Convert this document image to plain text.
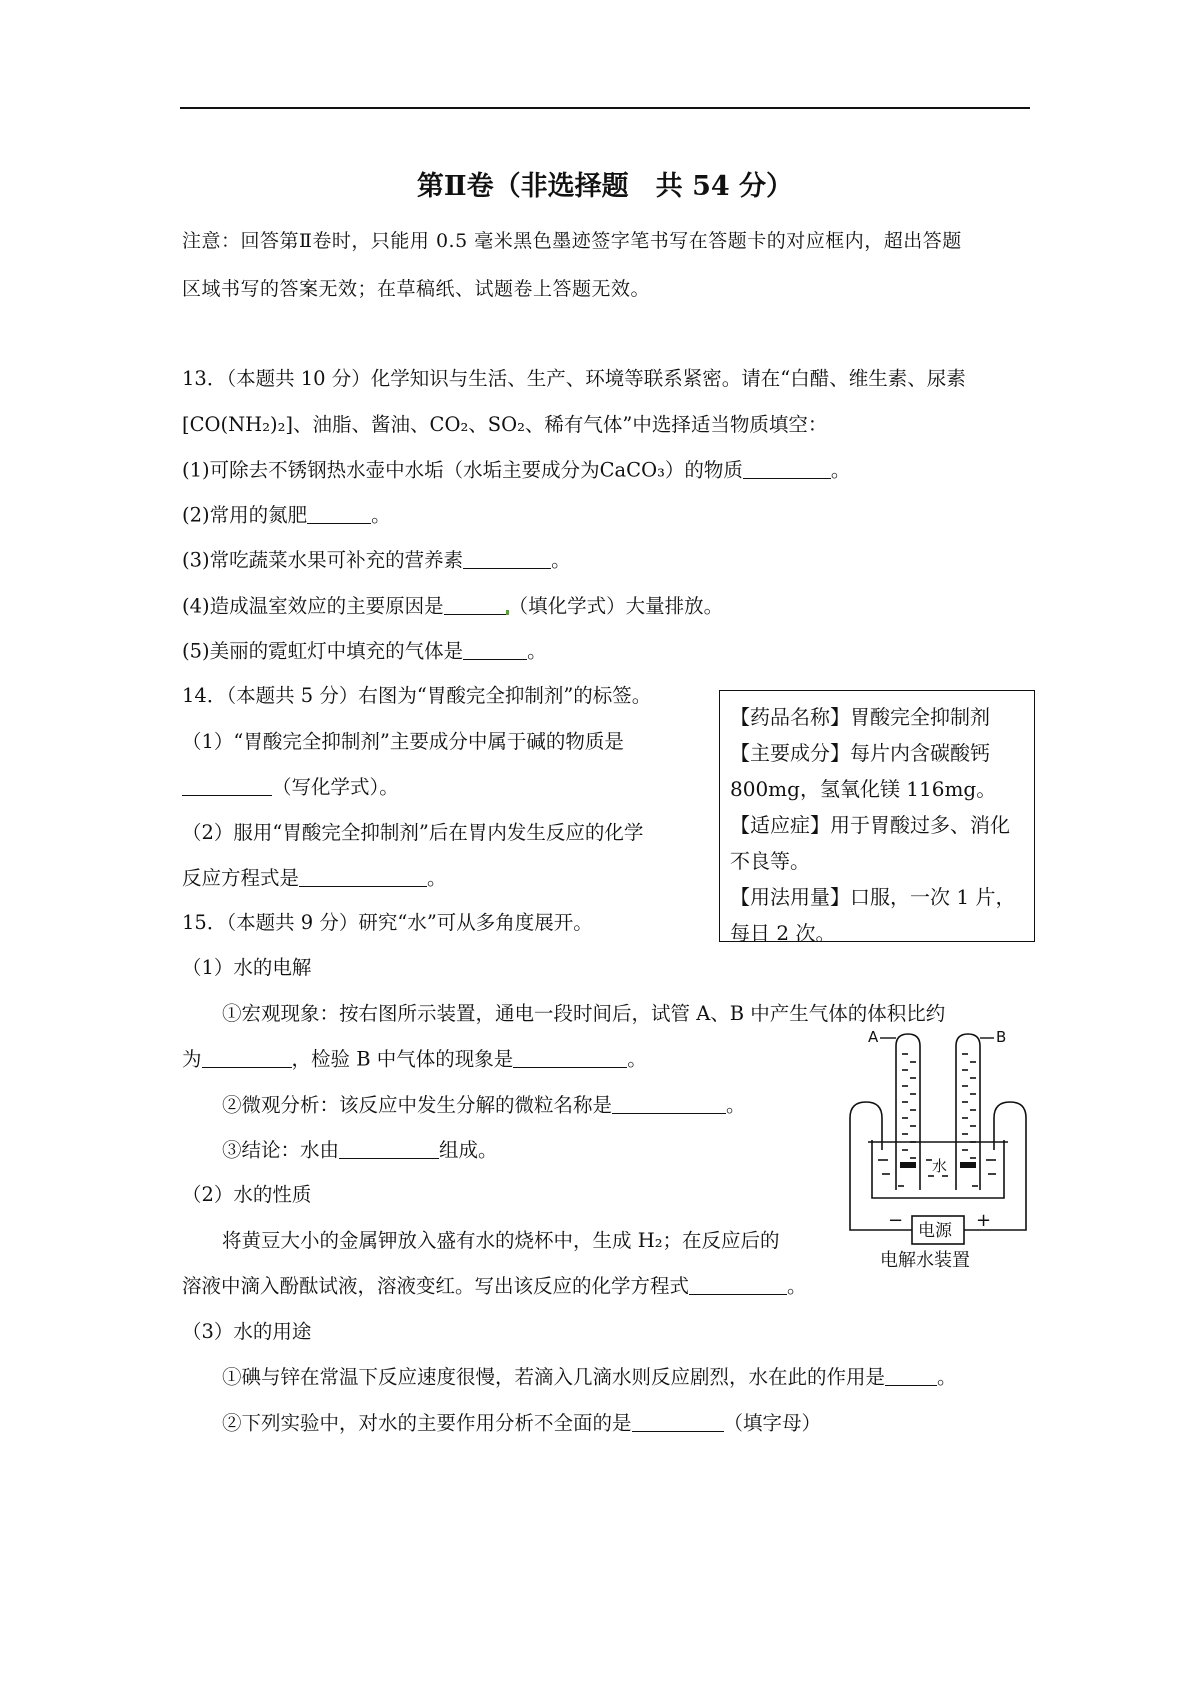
第Ⅱ卷（非选择题　共 54 分）
注意：回答第Ⅱ卷时，只能用 0.5 毫米黑色墨迹签字笔书写在答题卡的对应框内，超出答题
区域书写的答案无效；在草稿纸、试题卷上答题无效。
13．（本题共 10 分）化学知识与生活、生产、环境等联系紧密。请在“白醋、维生素、尿素
[CO(NH₂)₂]、油脂、酱油、CO₂、SO₂、稀有气体”中选择适当物质填空：
(1)可除去不锈钢热水壶中水垢（水垢主要成分为CaCO₃）的物质	。
(2)常用的氮肥	。
(3)常吃蔬菜水果可补充的营养素	。
(4)造成温室效应的主要原因是	（填化学式）大量排放。
(5)美丽的霓虹灯中填充的气体是	。
14．（本题共 5 分）右图为“胃酸完全抑制剂”的标签。
（1）“胃酸完全抑制剂”主要成分中属于碱的物质是
（写化学式）。
（2）服用“胃酸完全抑制剂”后在胃内发生反应的化学
反应方程式是	。
【药品名称】胃酸完全抑制剂
【主要成分】每片内含碳酸钙
800mg，氢氧化镁 116mg。
【适应症】用于胃酸过多、消化
不良等。
【用法用量】口服，一次 1 片，
每日 2 次。
15．（本题共 9 分）研究“水”可从多角度展开。
（1）水的电解
①宏观现象：按右图所示装置，通电一段时间后，试管 A、B 中产生气体的体积比约
为	，检验 B 中气体的现象是	。
②微观分析：该反应中发生分解的微粒名称是	。
③结论：水由	组成。
（2）水的性质
将黄豆大小的金属钾放入盛有水的烧杯中，生成 H₂；在反应后的
溶液中滴入酚酞试液，溶液变红。写出该反应的化学方程式	。
（3）水的用途
①碘与锌在常温下反应速度很慢，若滴入几滴水则反应剧烈，水在此的作用是	。
②下列实验中，对水的主要作用分析不全面的是	（填字母）
A	B
水
电源
−	+
电解水装置
